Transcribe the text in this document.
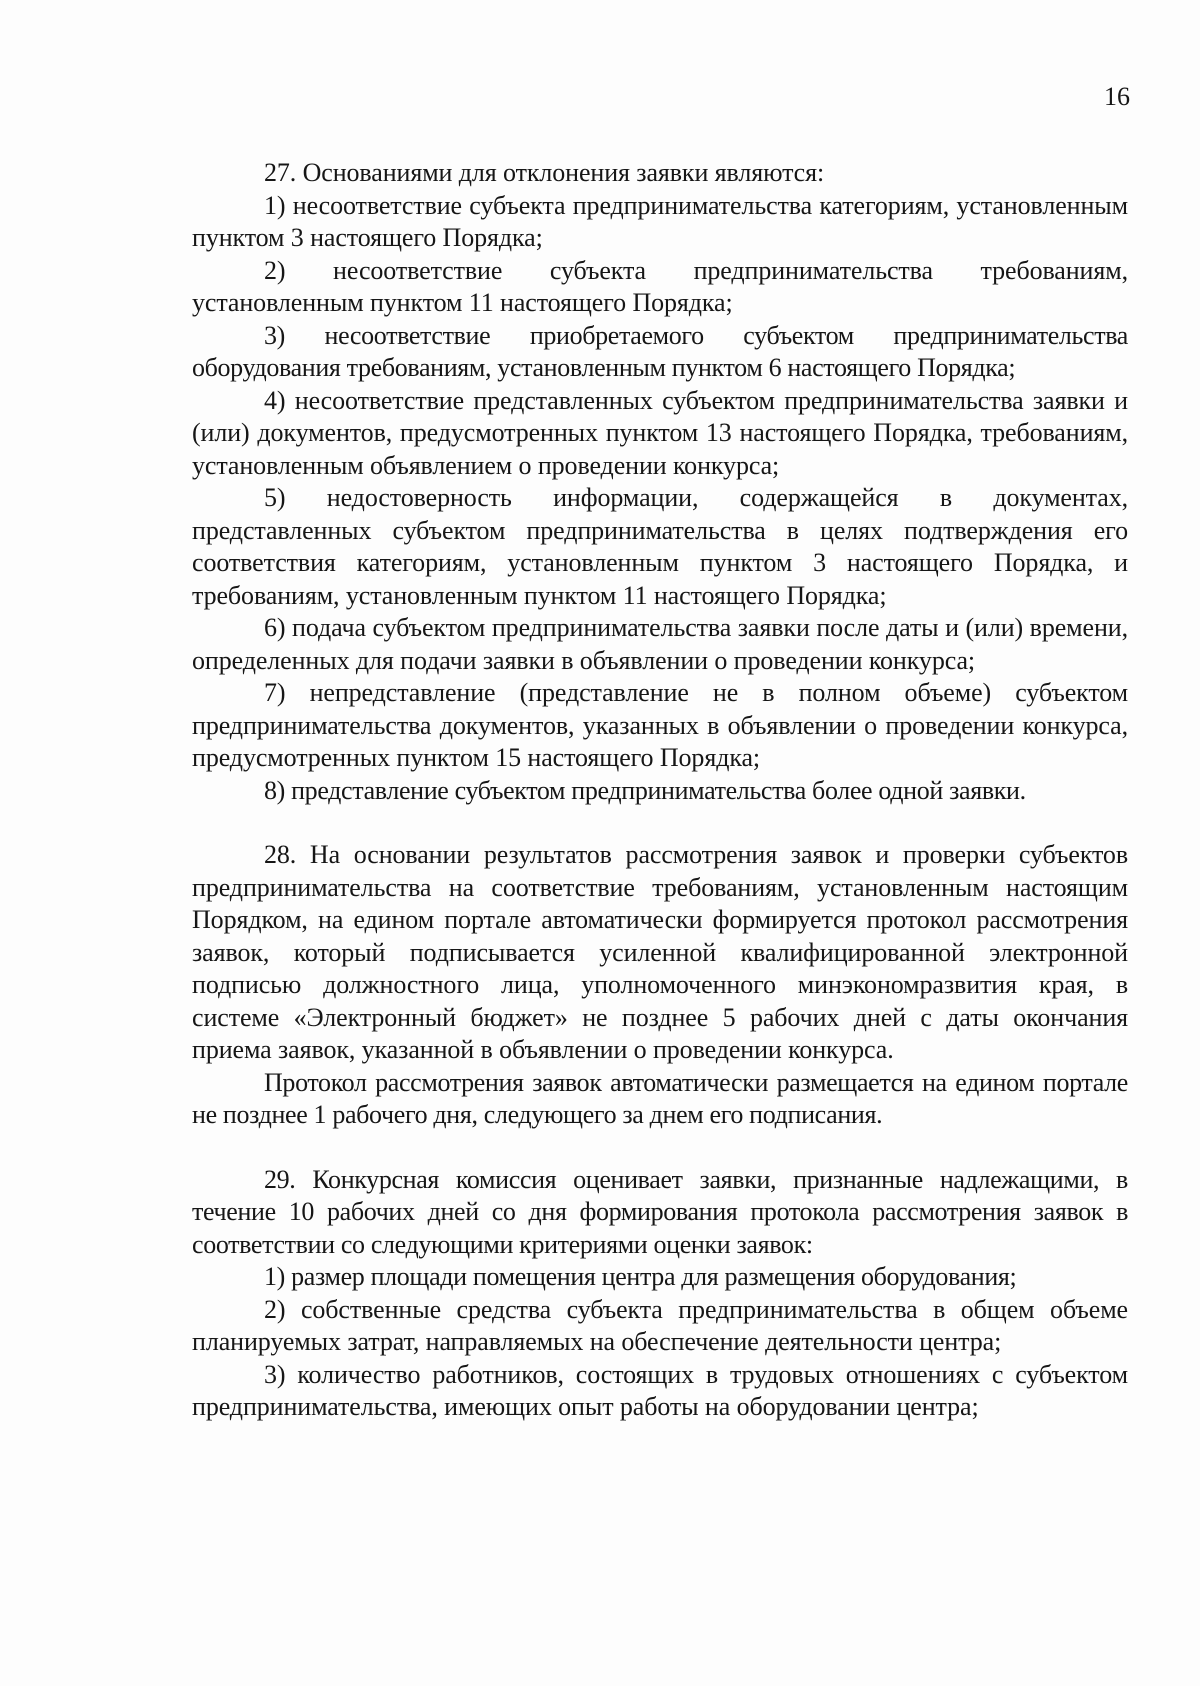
16

27. Основаниями для отклонения заявки являются:

1) несоответствие субъекта предпринимательства категориям, установленным пунктом 3 настоящего Порядка;

2) несоответствие субъекта предпринимательства требованиям, установленным пунктом 11 настоящего Порядка;

3) несоответствие приобретаемого субъектом предпринимательства оборудования требованиям, установленным пунктом 6 настоящего Порядка;

4) несоответствие представленных субъектом предпринимательства заявки и (или) документов, предусмотренных пунктом 13 настоящего Порядка, требованиям, установленным объявлением о проведении конкурса;

5) недостоверность информации, содержащейся в документах, представленных субъектом предпринимательства в целях подтверждения его соответствия категориям, установленным пунктом 3 настоящего Порядка, и требованиям, установленным пунктом 11 настоящего Порядка;

6) подача субъектом предпринимательства заявки после даты и (или) времени, определенных для подачи заявки в объявлении о проведении конкурса;

7) непредставление (представление не в полном объеме) субъектом предпринимательства документов, указанных в объявлении о проведении конкурса, предусмотренных пунктом 15 настоящего Порядка;

8) представление субъектом предпринимательства более одной заявки.

28. На основании результатов рассмотрения заявок и проверки субъектов предпринимательства на соответствие требованиям, установленным настоящим Порядком, на едином портале автоматически формируется протокол рассмотрения заявок, который подписывается усиленной квалифицированной электронной подписью должностного лица, уполномоченного минэкономразвития края, в системе «Электронный бюджет» не позднее 5 рабочих дней с даты окончания приема заявок, указанной в объявлении о проведении конкурса.

Протокол рассмотрения заявок автоматически размещается на едином портале не позднее 1 рабочего дня, следующего за днем его подписания.

29. Конкурсная комиссия оценивает заявки, признанные надлежащими, в течение 10 рабочих дней со дня формирования протокола рассмотрения заявок в соответствии со следующими критериями оценки заявок:

1) размер площади помещения центра для размещения оборудования;

2) собственные средства субъекта предпринимательства в общем объеме планируемых затрат, направляемых на обеспечение деятельности центра;

3) количество работников, состоящих в трудовых отношениях с субъектом предпринимательства, имеющих опыт работы на оборудовании центра;
